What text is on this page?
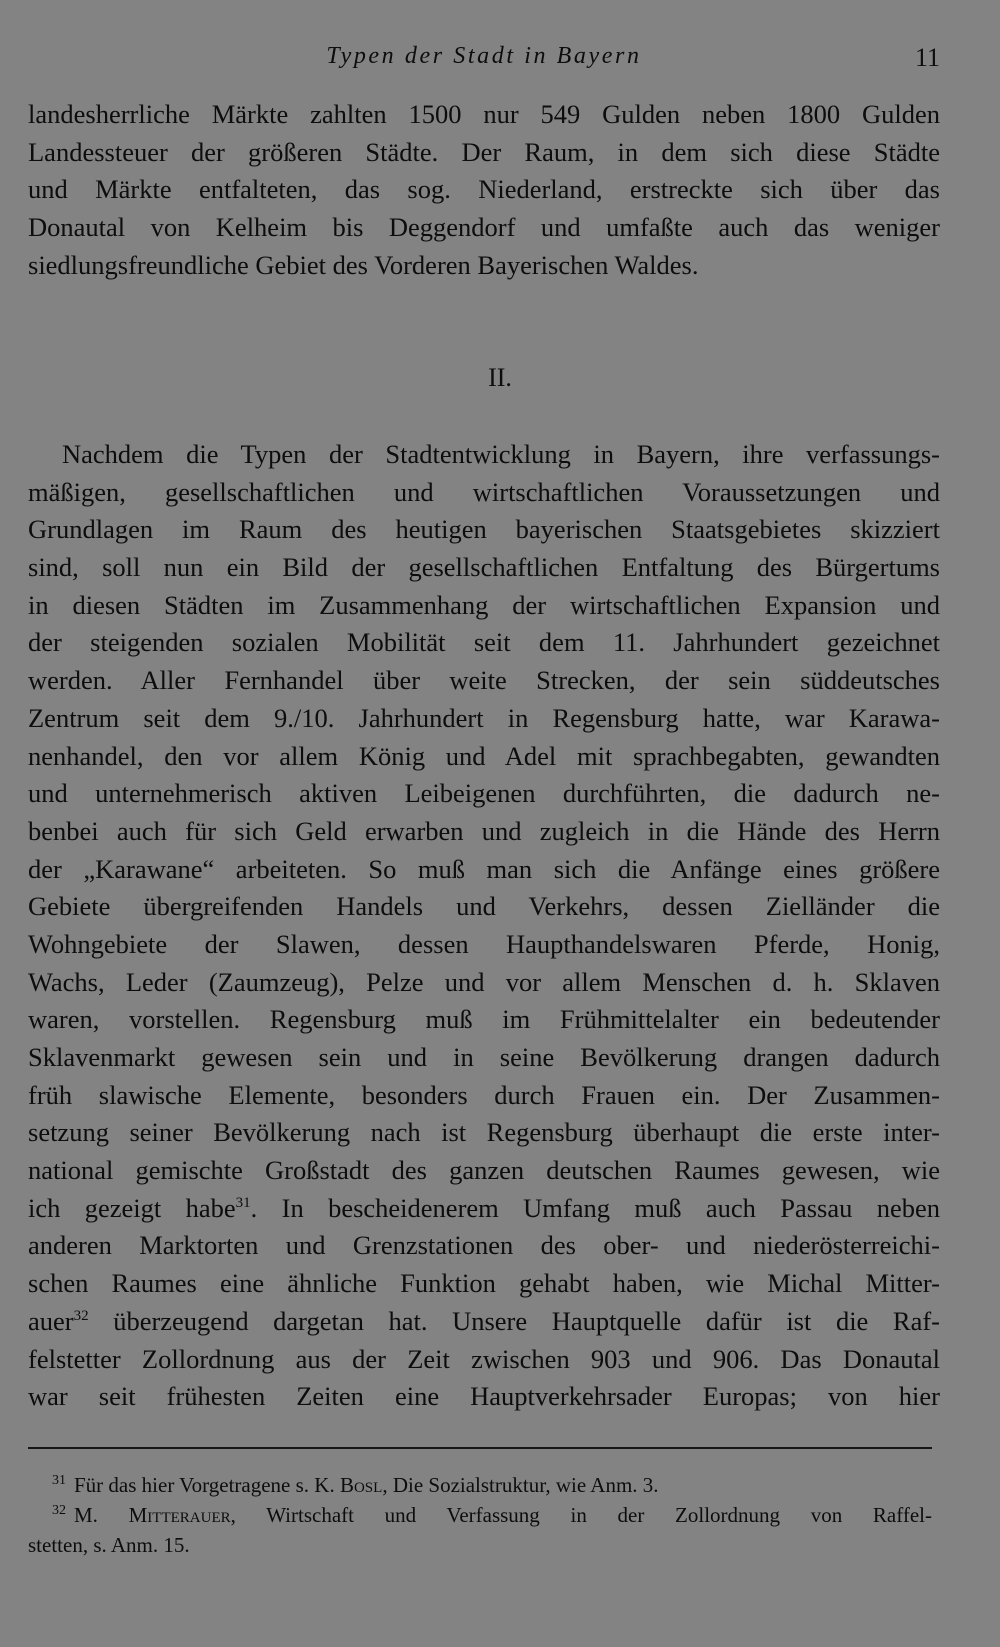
Typen der Stadt in Bayern	11
landesherrliche Märkte zahlten 1500 nur 549 Gulden neben 1800 Gulden
Landessteuer der größeren Städte. Der Raum, in dem sich diese Städte
und Märkte entfalteten, das sog. Niederland, erstreckte sich über das
Donautal von Kelheim bis Deggendorf und umfaßte auch das weniger
siedlungsfreundliche Gebiet des Vorderen Bayerischen Waldes.
II.
Nachdem die Typen der Stadtentwicklung in Bayern, ihre verfassungs-
mäßigen, gesellschaftlichen und wirtschaftlichen Voraussetzungen und
Grundlagen im Raum des heutigen bayerischen Staatsgebietes skizziert
sind, soll nun ein Bild der gesellschaftlichen Entfaltung des Bürgertums
in diesen Städten im Zusammenhang der wirtschaftlichen Expansion und
der steigenden sozialen Mobilität seit dem 11. Jahrhundert gezeichnet
werden. Aller Fernhandel über weite Strecken, der sein süddeutsches
Zentrum seit dem 9./10. Jahrhundert in Regensburg hatte, war Karawa-
nenhandel, den vor allem König und Adel mit sprachbegabten, gewandten
und unternehmerisch aktiven Leibeigenen durchführten, die dadurch ne-
benbei auch für sich Geld erwarben und zugleich in die Hände des Herrn
der „Karawane“ arbeiteten. So muß man sich die Anfänge eines größere
Gebiete übergreifenden Handels und Verkehrs, dessen Zielländer die
Wohngebiete der Slawen, dessen Haupthandelswaren Pferde, Honig,
Wachs, Leder (Zaumzeug), Pelze und vor allem Menschen d. h. Sklaven
waren, vorstellen. Regensburg muß im Frühmittelalter ein bedeutender
Sklavenmarkt gewesen sein und in seine Bevölkerung drangen dadurch
früh slawische Elemente, besonders durch Frauen ein. Der Zusammen-
setzung seiner Bevölkerung nach ist Regensburg überhaupt die erste inter-
national gemischte Großstadt des ganzen deutschen Raumes gewesen, wie
ich gezeigt habe$^{31}$. In bescheidenerem Umfang muß auch Passau neben
anderen Marktorten und Grenzstationen des ober- und niederösterreichi-
schen Raumes eine ähnliche Funktion gehabt haben, wie Michal Mitter-
auer$^{32}$ überzeugend dargetan hat. Unsere Hauptquelle dafür ist die Raf-
felstetter Zollordnung aus der Zeit zwischen 903 und 906. Das Donautal
war seit frühesten Zeiten eine Hauptverkehrsader Europas; von hier
$^{31}$ Für das hier Vorgetragene s. K. Bosl, Die Sozialstruktur, wie Anm. 3.
$^{32}$ M. Mitterauer, Wirtschaft und Verfassung in der Zollordnung von Raffel-
stetten, s. Anm. 15.
